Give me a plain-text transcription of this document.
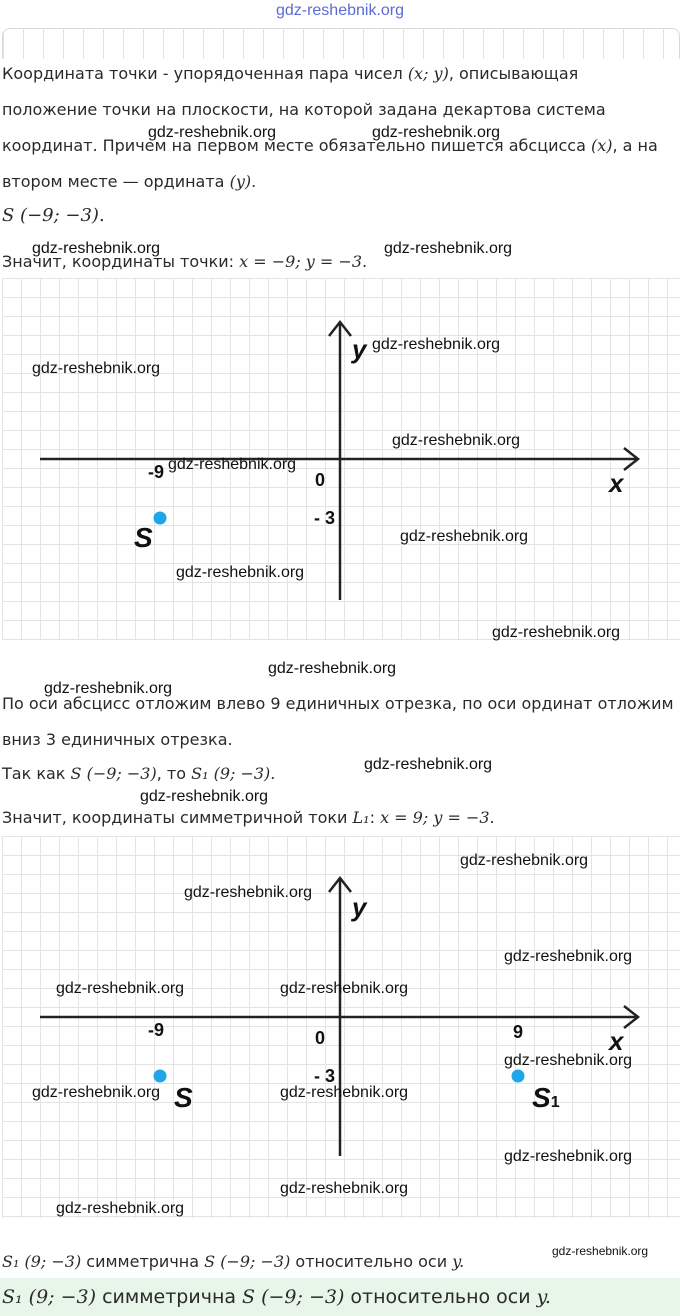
gdz-reshebnik.org
Координата точки - упорядоченная пара чисел (x; y), описывающая
положение точки на плоскости, на которой задана декартова система
координат. Причем на первом месте обязательно пишется абсцисса (x), а на
втором месте — ордината (y).
S (−9; −3).
Значит, координаты точки: x = −9; y = −3.
y
x
0
-9
- 3
S
По оси абсцисс отложим влево 9 единичных отрезка, по оси ординат отложим
вниз 3 единичных отрезка.
Так как S (−9; −3), то S₁ (9; −3).
Значит, координаты симметричной токи L₁: x = 9; y = −3.
y
x
0
-9	9
- 3
S	S1
S₁ (9; −3) симметрична S (−9; −3) относительно оси y.
S₁ (9; −3) симметрична S (−9; −3) относительно оси y.
gdz-reshebnik.org	gdz-reshebnik.org
gdz-reshebnik.org	gdz-reshebnik.org
gdz-reshebnik.org
gdz-reshebnik.org
gdz-reshebnik.org
gdz-reshebnik.org
gdz-reshebnik.org
gdz-reshebnik.org
gdz-reshebnik.org
gdz-reshebnik.org
gdz-reshebnik.org
gdz-reshebnik.org
gdz-reshebnik.org
gdz-reshebnik.org
gdz-reshebnik.org
gdz-reshebnik.org
gdz-reshebnik.org	gdz-reshebnik.org
gdz-reshebnik.org
gdz-reshebnik.org	gdz-reshebnik.org
gdz-reshebnik.org
gdz-reshebnik.org
gdz-reshebnik.org
gdz-reshebnik.org
